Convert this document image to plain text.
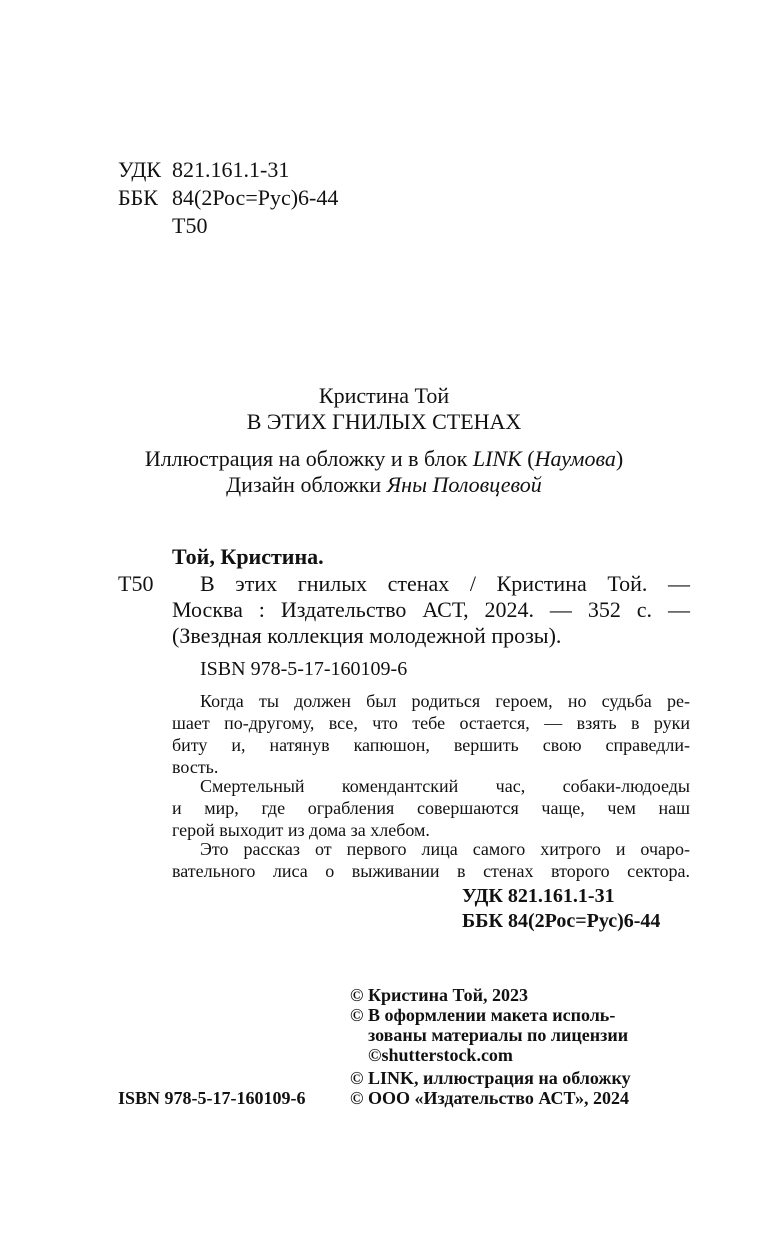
УДК 821.161.1-31
ББК 84(2Рос=Рус)6-44
Т50
Кристина Той
В ЭТИХ ГНИЛЫХ СТЕНАХ
Иллюстрация на обложку и в блок LINK (Наумова)
Дизайн обложки Яны Половцевой
Той, Кристина.
Т50 В этих гнилых стенах / Кристина Той. —
Москва : Издательство АСТ, 2024. — 352 с. —
(Звездная коллекция молодежной прозы).
ISBN 978-5-17-160109-6
Когда ты должен был родиться героем, но судьба ре-
шает по-другому, все, что тебе остается, — взять в руки
биту и, натянув капюшон, вершить свою справедли-
вость.
Смертельный комендантский час, собаки-людоеды
и мир, где ограбления совершаются чаще, чем наш
герой выходит из дома за хлебом.
Это рассказ от первого лица самого хитрого и очаро-
вательного лиса о выживании в стенах второго сектора.
УДК 821.161.1-31
ББК 84(2Рос=Рус)6-44
© Кристина Той, 2023
© В оформлении макета исполь-
зованы материалы по лицензии
©shutterstock.com
© LINK, иллюстрация на обложку
© ООО «Издательство АСТ», 2024
ISBN 978-5-17-160109-6
